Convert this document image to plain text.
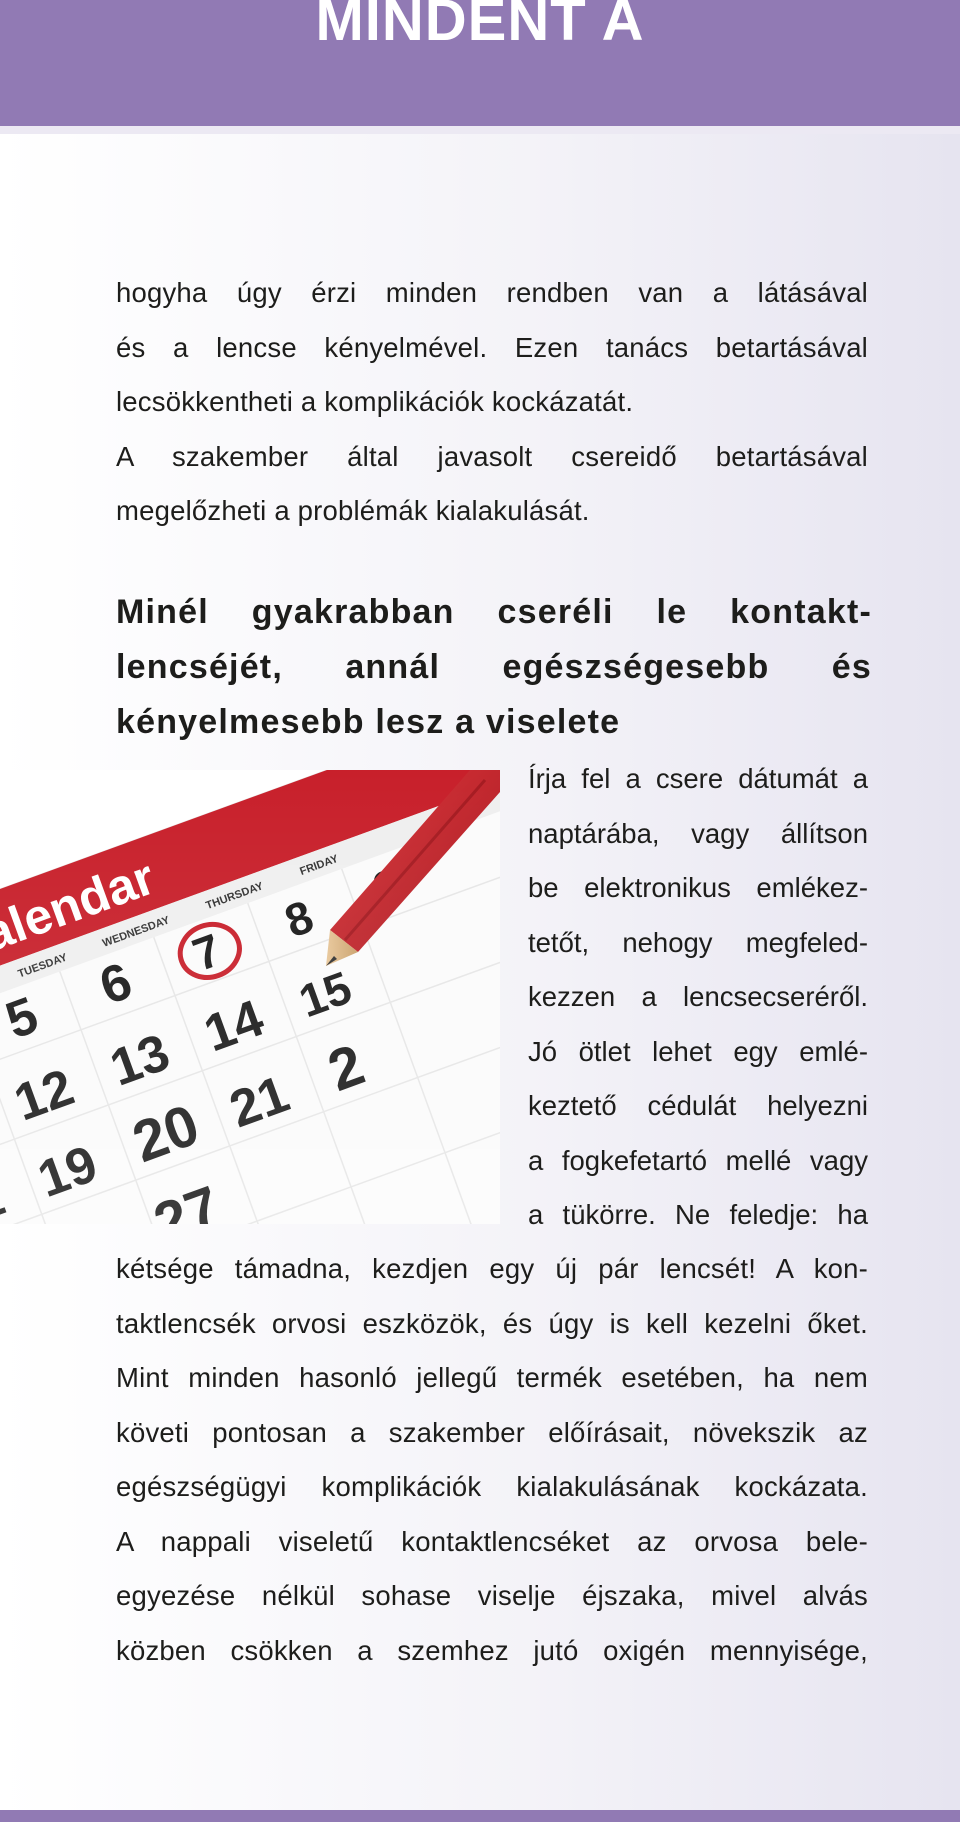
MINDENT A

hogyha úgy érzi minden rendben van a látásával
és a lencse kényelmével. Ezen tanács betartásával
lecsökkentheti a komplikációk kockázatát.
A szakember által javasolt csereidő betartásával
megelőzheti a problémák kialakulását.

Minél gyakrabban cseréli le kontakt-
lencséjét, annál egészségesebb és
kényelmesebb lesz a viselete

Írja fel a csere dátumát a
naptárába, vagy állítson
be elektronikus emlékez-
tetőt, nehogy megfeled-
kezzen a lencsecseréről.
Jó ötlet lehet egy emlé-
keztető cédulát helyezni
a fogkefetartó mellé vagy
a tükörre. Ne feledje: ha

kétsége támadna, kezdjen egy új pár lencsét! A kon-
taktlencsék orvosi eszközök, és úgy is kell kezelni őket.
Mint minden hasonló jellegű termék esetében, ha nem
követi pontosan a szakember előírásait, növekszik az
egészségügyi komplikációk kialakulásának kockázata.
A nappali viseletű kontaktlencséket az orvosa bele-
egyezése nélkül sohase viselje éjszaka, mivel alvás
közben csökken a szemhez jutó oxigén mennyisége,
